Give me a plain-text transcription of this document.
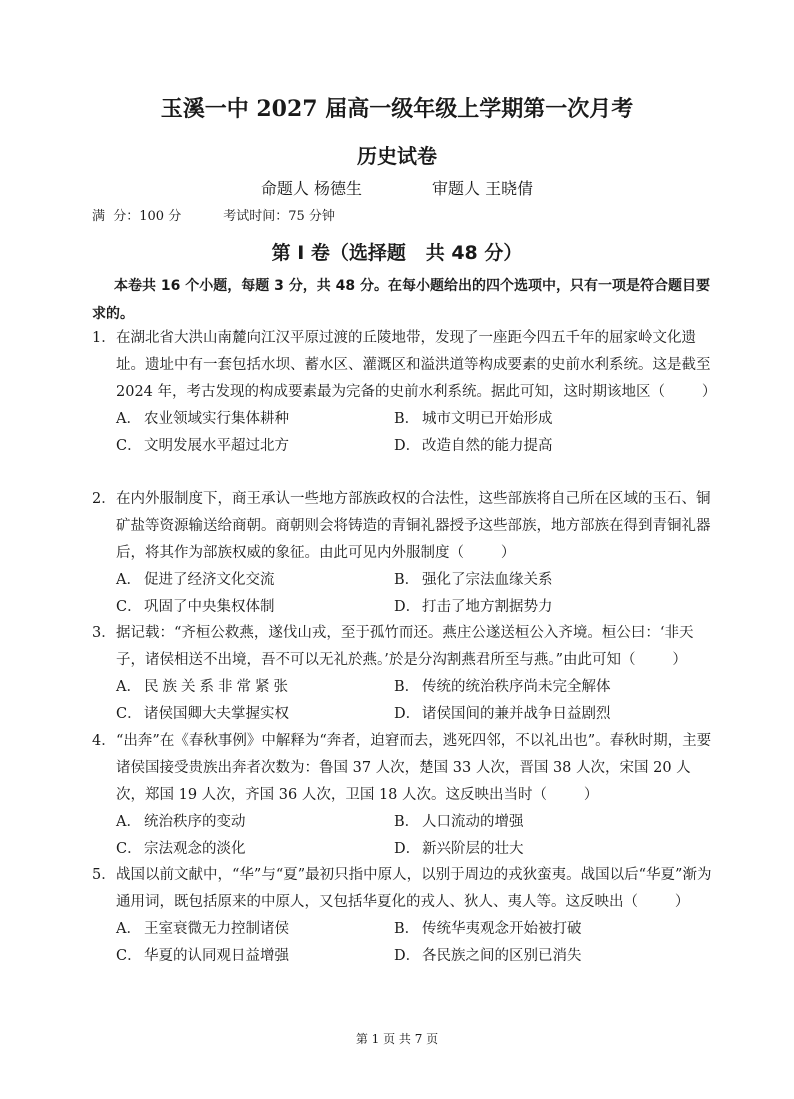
玉溪一中 2027 届高一级年级上学期第一次月考
历史试卷
命题人 杨德生	审题人 王晓倩
满  分：100 分	考试时间：75 分钟
第 I 卷（选择题   共 48 分）
本卷共 16 个小题，每题 3 分，共 48 分。在每小题给出的四个选项中，只有一项是符合题目要求的。
1．在湖北省大洪山南麓向江汉平原过渡的丘陵地带，发现了一座距今四五千年的屈家岭文化遗址。遗址中有一套包括水坝、蓄水区、灌溉区和溢洪道等构成要素的史前水利系统。这是截至 2024 年，考古发现的构成要素最为完备的史前水利系统。据此可知，这时期该地区（        ）
A． 农业领域实行集体耕种	B． 城市文明已开始形成
C． 文明发展水平超过北方	D． 改造自然的能力提高
2．在内外服制度下，商王承认一些地方部族政权的合法性，这些部族将自己所在区域的玉石、铜矿盐等资源输送给商朝。商朝则会将铸造的青铜礼器授予这些部族，地方部族在得到青铜礼器后，将其作为部族权威的象征。由此可见内外服制度（        ）
A． 促进了经济文化交流	B． 强化了宗法血缘关系
C． 巩固了中央集权体制	D． 打击了地方割据势力
3．据记载：“齐桓公救燕，遂伐山戎，至于孤竹而还。燕庄公遂送桓公入齐境。桓公曰：‘非天子，诸侯相送不出境，吾不可以无礼於燕。’於是分沟割燕君所至与燕。”由此可知（        ）
A． 民族关系非常紧张	B． 传统的统治秩序尚未完全解体
C． 诸侯国卿大夫掌握实权	D． 诸侯国间的兼并战争日益剧烈
4．“出奔”在《春秋事例》中解释为“奔者，迫窘而去，逃死四邻，不以礼出也”。春秋时期，主要诸侯国接受贵族出奔者次数为：鲁国 37 人次，楚国 33 人次，晋国 38 人次，宋国 20 人次，郑国 19 人次，齐国 36 人次，卫国 18 人次。这反映出当时（        ）
A． 统治秩序的变动	B． 人口流动的增强
C． 宗法观念的淡化	D． 新兴阶层的壮大
5．战国以前文献中，“华”与“夏”最初只指中原人，以别于周边的戎狄蛮夷。战国以后“华夏”渐为通用词，既包括原来的中原人，又包括华夏化的戎人、狄人、夷人等。这反映出（        ）
A． 王室衰微无力控制诸侯	B． 传统华夷观念开始被打破
C． 华夏的认同观日益增强	D． 各民族之间的区别已消失
第 1 页 共 7 页
